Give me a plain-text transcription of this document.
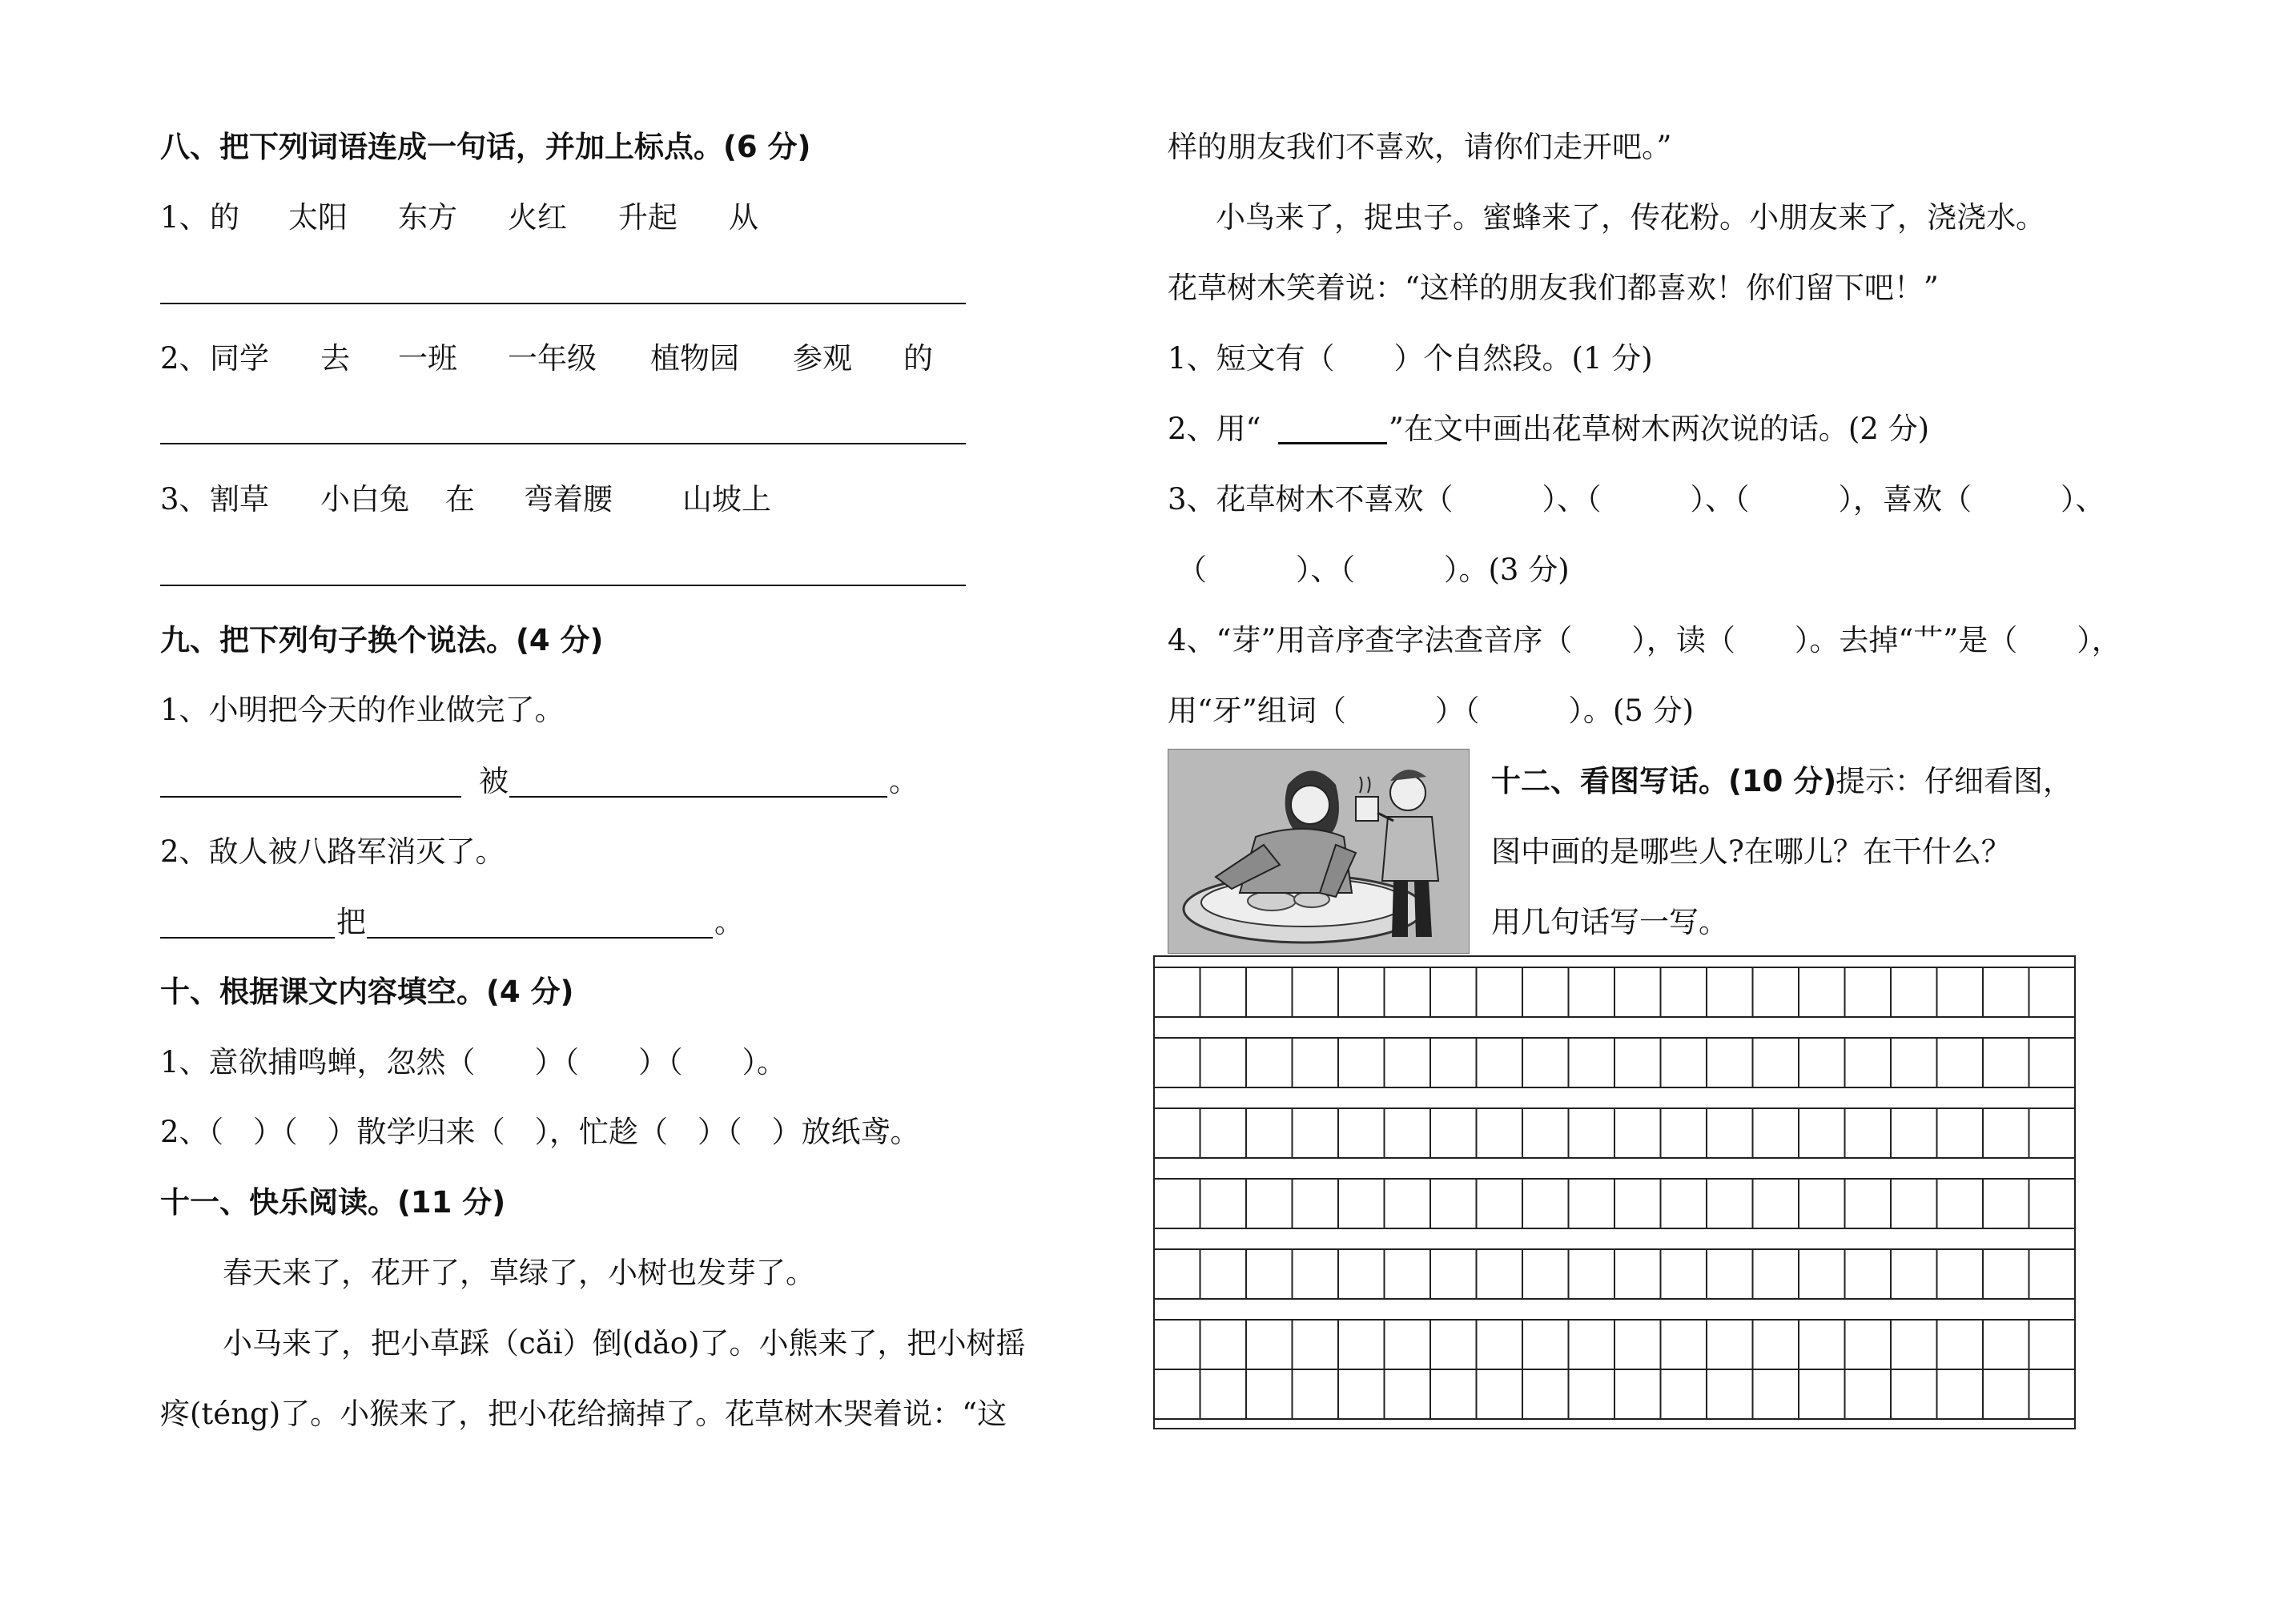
八、把下列词语连成一句话，并加上标点。(6 分)
1、 的 太阳 东方 火红 升起 从
2、 同学 去 一班 一年级 植物园 参观 的
3、 割草 小白兔 在 弯着腰 山坡上
九、把下列句子换个说法。(4 分)
1、小明把今天的作业做完了。
被	。
2、敌人被八路军消灭了。
把	。
十、根据课文内容填空。(4 分)
1、意欲捕鸣蝉，忽然（　　）（　　）（　　）。
2、（　）（　）散学归来（　），忙趁（　）（　）放纸鸢。
十一、快乐阅读。(11 分)
春天来了，花开了，草绿了，小树也发芽了。
小马来了，把小草踩（cǎi）倒(dǎo)了。小熊来了，把小树摇
疼(téng)了。小猴来了，把小花给摘掉了。花草树木哭着说：“这
样的朋友我们不喜欢，请你们走开吧。”
小鸟来了，捉虫子。蜜蜂来了，传花粉。小朋友来了，浇浇水。
花草树木笑着说：“这样的朋友我们都喜欢！你们留下吧！”
1、短文有（　　）个自然段。(1 分)
2、用“	”在文中画出花草树木两次说的话。(2 分)
3、花草树木不喜欢（　　　）、（　　　）、（　　　），喜欢（　　　）、
（　　　）、（　　　）。(3 分)
4、“芽”用音序查字法查音序（　　），读（　　）。去掉“艹”是（　　），
用“牙”组词（　　　）（　　　）。(5 分)
十二、看图写话。(10 分)
提示：仔细看图，
图中画的是哪些人?在哪儿？在干什么？
用几句话写一写。
